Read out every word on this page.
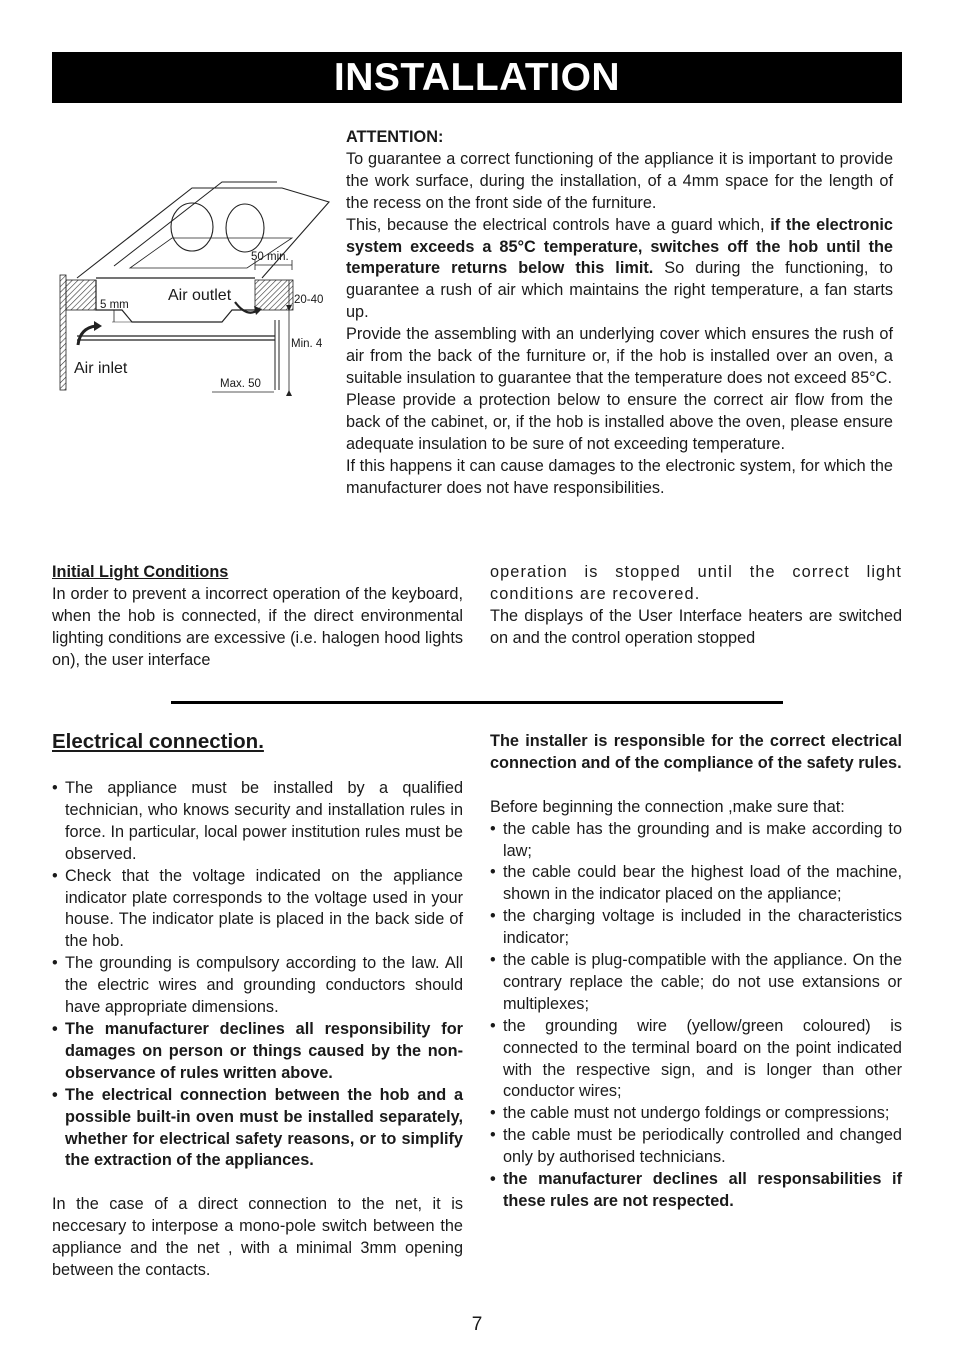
INSTALLATION
Air outlet
Air inlet
5 mm
50 min.
20-40
Min. 4
Max. 50

ATTENTION:

To guarantee a correct functioning of the appliance it is important to provide the work surface, during the installation, of a 4mm space for the length of the recess on the front side of the furniture.

This, because the electrical controls have a guard which, if the electronic system exceeds a 85°C temperature, switches off the hob until the temperature returns below this limit. So during the functioning, to guarantee a rush of air which maintains the right temperature, a fan starts up.

Provide the assembling with an underlying cover which ensures the rush of air from the back of the furniture or, if the hob is installed over an oven, a suitable insulation to guarantee that the temperature does not exceed 85°C.

Please provide a protection below to ensure the correct air flow from the back of the cabinet, or, if the hob is installed above the oven, please ensure adequate insulation to be sure of not exceeding temperature.

If this happens it can cause damages to the electronic system, for which the manufacturer does not have responsibilities.

Initial Light Conditions

In order to prevent a incorrect operation of the keyboard, when the hob is connected, if the direct environmental lighting conditions are excessive (i.e. halogen hood lights on), the user interface

operation is stopped until the correct light conditions are recovered.

The displays of the User Interface heaters are switched on and the control operation stopped

Electrical connection.

• The appliance must be installed by a qualified technician, who knows security and installation rules in force. In particular, local power institution rules must be observed.
• Check that the voltage indicated on the appliance indicator plate corresponds to the voltage used in your house. The indicator plate is placed in the back side of the hob.
• The grounding is compulsory according to the law. All the electric wires and grounding conductors should have appropriate dimensions.
• The manufacturer declines all responsibility for damages on person or things caused by the non-observance of rules written above.
• The electrical connection between the hob and a possible built-in oven must be installed separately, whether for electrical safety reasons, or to simplify the extraction of the appliances.

In the case of a direct connection to the net, it is neccesary to interpose a mono-pole switch between the appliance and the net , with a minimal 3mm opening between the contacts.

The installer is responsible for the correct electrical connection and of the compliance of the safety rules.

Before beginning the connection ,make sure that:

• the cable has the grounding and is make according to law;
• the cable could bear the highest load of the machine, shown in the indicator placed on the appliance;
• the charging voltage is included in the characteristics indicator;
• the cable is plug-compatible with the appliance. On the contrary replace the cable; do not use extansions or multiplexes;
• the grounding wire (yellow/green coloured) is connected to the terminal board on the point indicated with the respective sign, and is longer than other conductor wires;
• the cable must not undergo foldings or compressions;
• the cable must be periodically controlled and changed only by authorised technicians.
• the manufacturer declines all responsabilities if these rules are not respected.
7
